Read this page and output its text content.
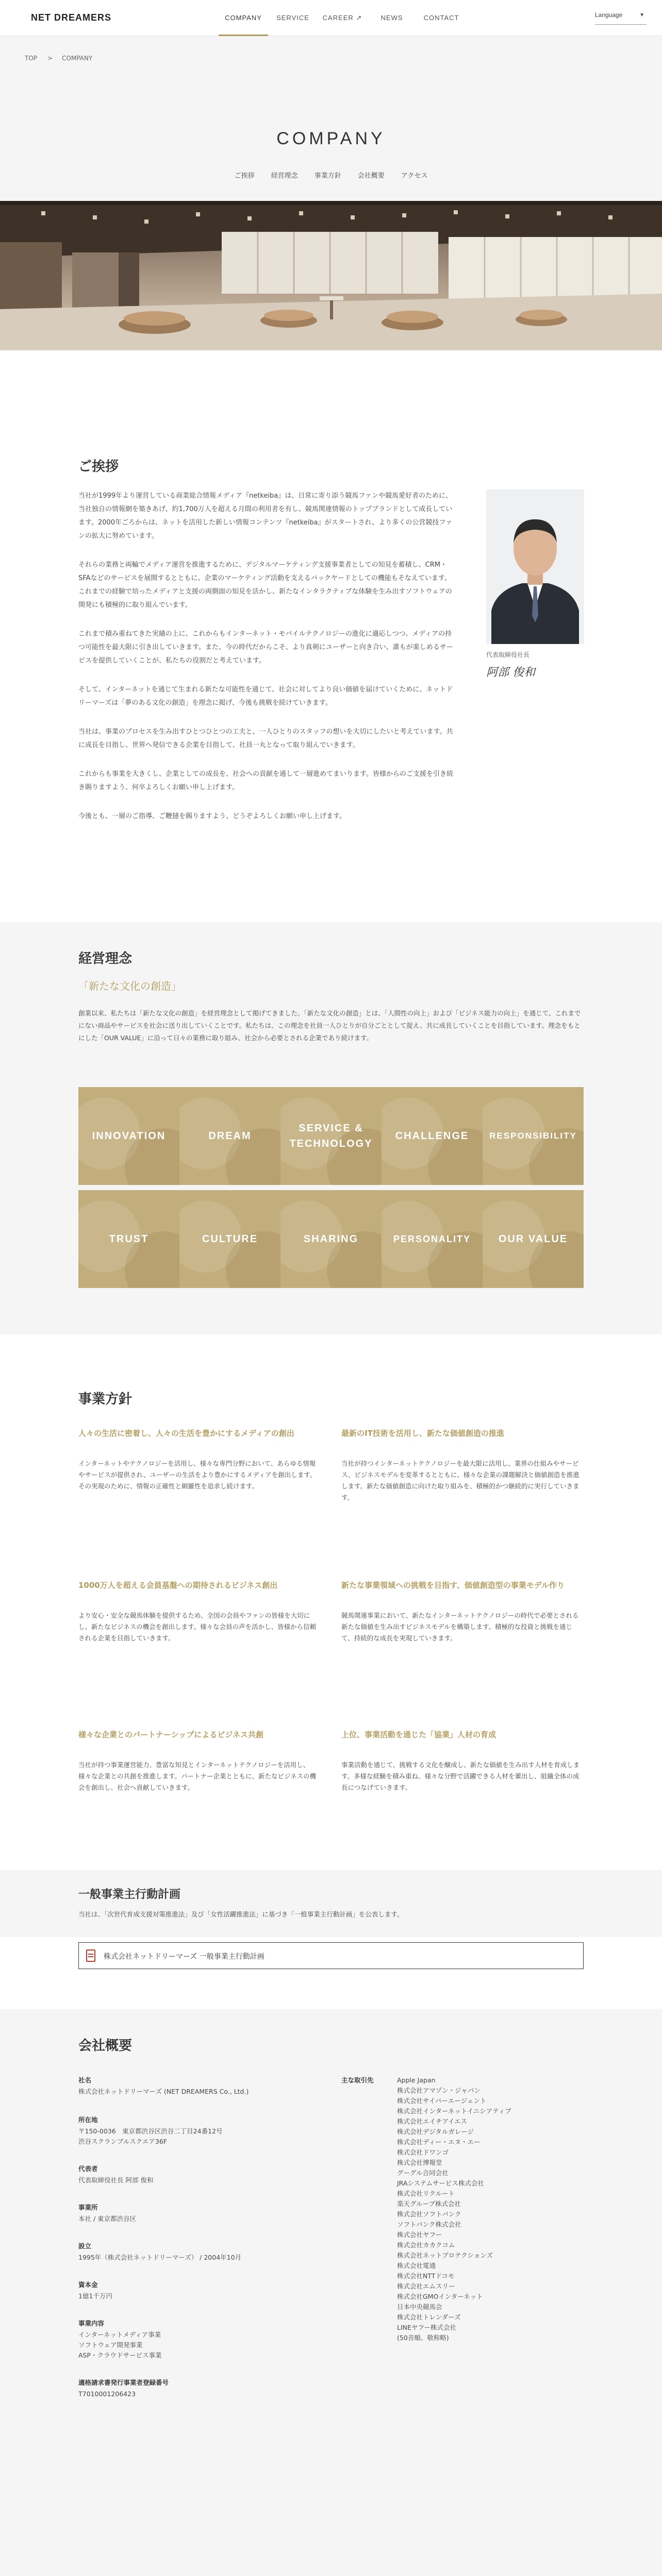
NET DREAMERS	COMPANY	SERVICE	CAREER ↗	NEWS	CONTACT	Language	▼
TOP > COMPANY
COMPANY
ご挨拶 経営理念 事業方針 会社概要 アクセス
ご挨拶

当社が1999年より運営している商業総合情報メディア『netkeiba』は、日常に寄り添う競馬ファンや競馬愛好者のために、当社独自の情報網を築きあげ、約1,700万人を超える月間の利用者を有し、競馬関連情報のトップブランドとして成長しています。2000年ごろからは、ネットを活用した新しい情報コンテンツ『netkeiba』がスタートされ、より多くの公営競技ファンの拡大に努めています。

それらの業務と両輪でメディア運営を推進するために、デジタルマーケティング支援事業者としての知見を蓄積し、CRM・SFAなどのサービスを展開するとともに、企業のマーケティング活動を支えるバックヤードとしての機能もそなえています。これまでの経験で培ったメディアと支援の両側面の知見を活かし、新たなインタラクティブな体験を生み出すソフトウェアの開発にも積極的に取り組んでいます。

これまで積み重ねてきた実績の上に、これからもインターネット・モバイルテクノロジーの進化に適応しつつ、メディアの持つ可能性を最大限に引き出していきます。また、今の時代だからこそ、より真剣にユーザーと向き合い、誰もが楽しめるサービスを提供していくことが、私たちの役割だと考えています。

そして、インターネットを通じて生まれる新たな可能性を通じて、社会に対してより良い価値を届けていくために、ネットドリーマーズは「夢のある文化の創造」を理念に掲げ、今後も挑戦を続けていきます。

当社は、事業のプロセスを生み出すひとつひとつの工夫と、一人ひとりのスタッフの想いを大切にしたいと考えています。共に成長を目指し、世界へ発信できる企業を目指して、社員一丸となって取り組んでいきます。

これからも事業を大きくし、企業としての成長を、社会への貢献を通して一層進めてまいります。皆様からのご支援を引き続き賜りますよう、何卒よろしくお願い申し上げます。

今後とも、一層のご指導、ご鞭撻を賜りますよう、どうぞよろしくお願い申し上げます。

代表取締役社長
阿部 俊和
経営理念
「新たな文化の創造」
創業以来、私たちは「新たな文化の創造」を経営理念として掲げてきました。「新たな文化の創造」とは、「人間性の向上」および「ビジネス能力の向上」を通じて、これまでにない商品やサービスを社会に送り出していくことです。私たちは、この理念を社員一人ひとりが自分ごととして捉え、共に成長していくことを目指しています。理念をもとにした「OUR VALUE」に沿って日々の業務に取り組み、社会から必要とされる企業であり続けます。
INNOVATION	DREAM
SERVICE & TECHNOLOGY
CHALLENGE	RESPONSIBILITY
TRUST	CULTURE	SHARING	PERSONALITY	OUR VALUE
事業方針
人々の生活に密着し、人々の生活を豊かにするメディアの創出
インターネットやテクノロジーを活用し、様々な専門分野において、あらゆる情報やサービスが提供され、ユーザーの生活をより豊かにするメディアを創出します。その実現のために、情報の正確性と網羅性を追求し続けます。
最新のIT技術を活用し、新たな価値創造の推進
当社が持つインターネットテクノロジーを最大限に活用し、業界の仕組みやサービス、ビジネスモデルを変革するとともに、様々な企業の課題解決と価値創造を推進します。新たな価値創造に向けた取り組みを、積極的かつ継続的に実行していきます。
1000万人を超える会員基盤への期待されるビジネス創出
より安心・安全な競馬体験を提供するため、全国の会員やファンの皆様を大切にし、新たなビジネスの機会を創出します。様々な会員の声を活かし、皆様から信頼される企業を目指していきます。
新たな事業領域への挑戦を目指す、価値創造型の事業モデル作り
競馬関連事業において、新たなインターネットテクノロジーの時代で必要とされる新たな価値を生み出すビジネスモデルを構築します。積極的な投資と挑戦を通じて、持続的な成長を実現していきます。
様々な企業とのパートナーシップによるビジネス共創
当社が持つ事業運営能力、豊富な知見とインターネットテクノロジーを活用し、様々な企業との共創を推進します。パートナー企業とともに、新たなビジネスの機会を創出し、社会へ貢献していきます。
上位、事業活動を通じた「協業」人材の育成
事業活動を通じて、挑戦する文化を醸成し、新たな価値を生み出す人材を育成します。多様な経験を積み重ね、様々な分野で活躍できる人材を輩出し、組織全体の成長につなげていきます。
一般事業主行動計画
当社は、「次世代育成支援対策推進法」及び「女性活躍推進法」に基づき「一般事業主行動計画」を公表します。
株式会社ネットドリーマーズ 一般事業主行動計画
会社概要
社名
株式会社ネットドリーマーズ (NET DREAMERS Co., Ltd.)
所在地
〒150-0036　東京都渋谷区渋谷二丁目24番12号
渋谷スクランブルスクエア36F
代表者
代表取締役社長 阿部 俊和
事業所
本社 / 東京都渋谷区
設立
1995年（株式会社ネットドリーマーズ） / 2004年10月
資本金
1億1千万円
事業内容
インターネットメディア事業
ソフトウェア開発事業
ASP・クラウドサービス事業
適格請求書発行事業者登録番号
T7010001206423
主な取引先	Apple Japan
株式会社アマゾン・ジャパン
株式会社サイバーエージェント
株式会社インターネットイニシアティブ
株式会社エイチアイエス
株式会社デジタルガレージ
株式会社ディー・エヌ・エー
株式会社ドワンゴ
株式会社博報堂
グーグル合同会社
JRAシステムサービス株式会社
株式会社リクルート
楽天グループ株式会社
株式会社ソフトバンク
ソフトバンク株式会社
株式会社ヤフー
株式会社カカクコム
株式会社ネットプロテクションズ
株式会社電通
株式会社NTTドコモ
株式会社エムスリー
株式会社GMOインターネット
日本中央競馬会
株式会社トレンダーズ
LINEヤフー株式会社
(50音順、敬称略)
